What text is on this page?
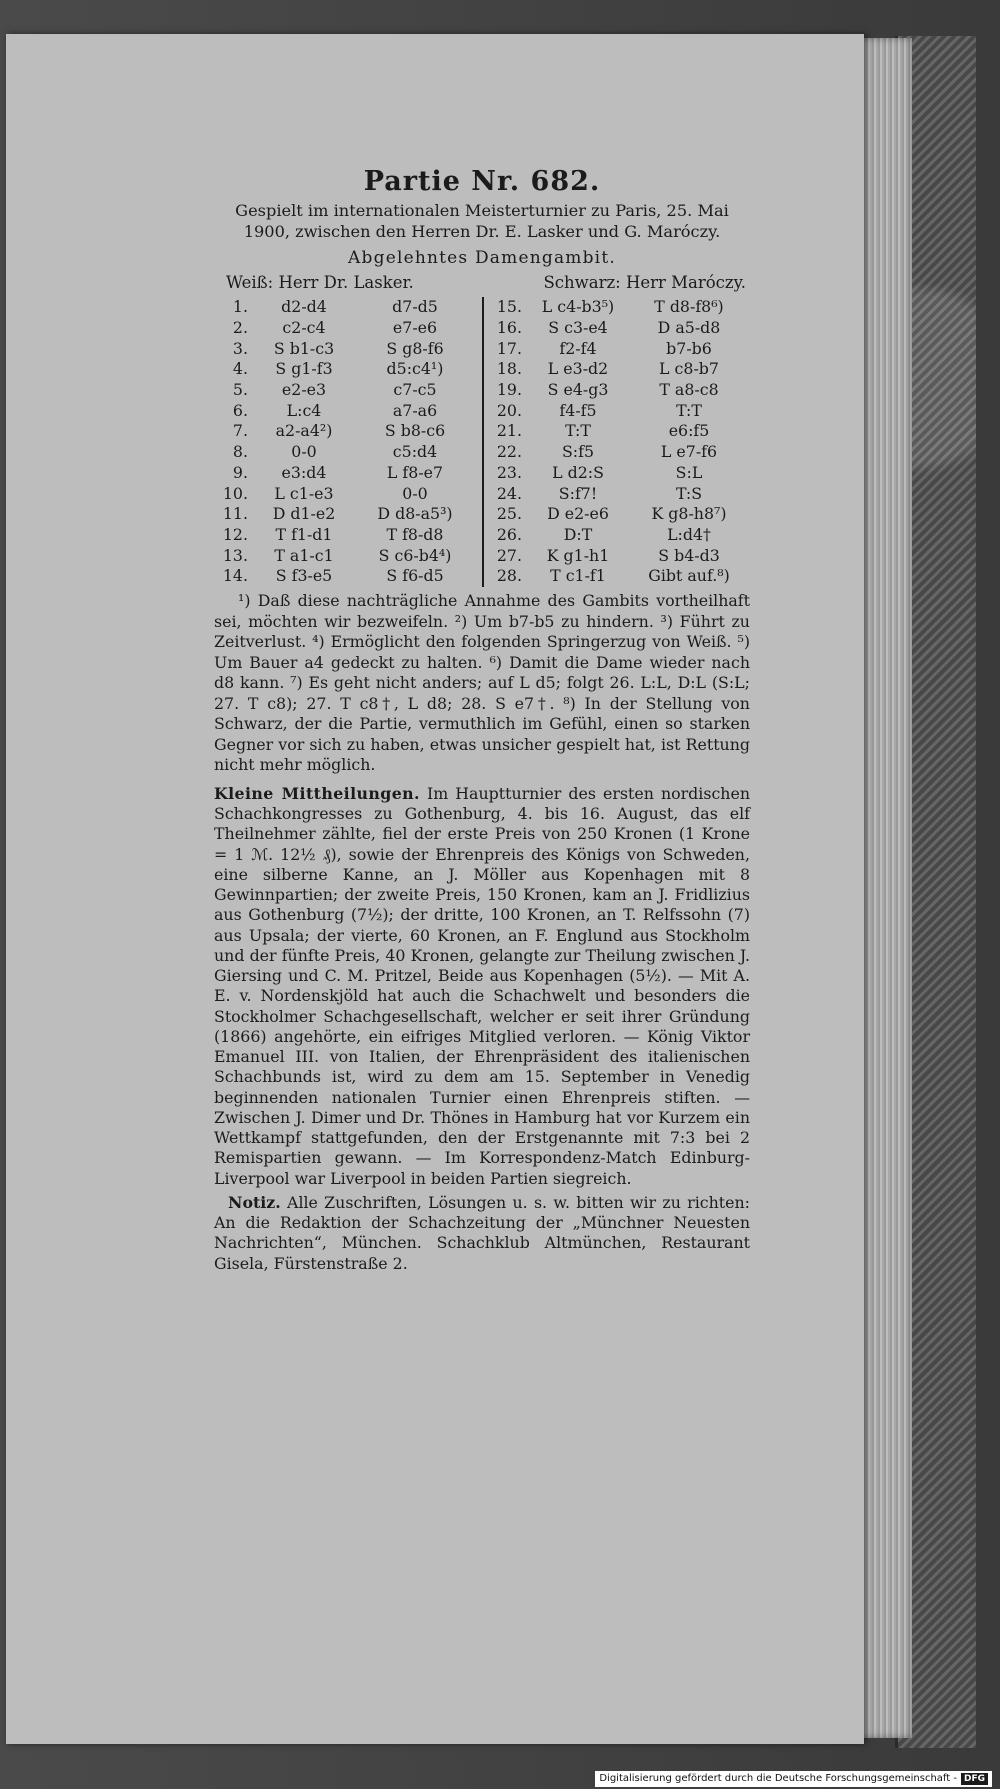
Partie Nr. 682.

Gespielt im internationalen Meisterturnier zu Paris, 25. Mai 1900, zwischen den Herren Dr. E. Lasker und G. Maróczy.

Abgelehntes Damengambit.

Weiß: Herr Dr. Lasker.	Schwarz: Herr Maróczy.
1.	d2-d4	d7-d5
2.	c2-c4	e7-e6
3.	S b1-c3	S g8-f6
4.	S g1-f3	d5:c4¹)
5.	e2-e3	c7-c5
6.	L:c4	a7-a6
7.	a2-a4²)	S b8-c6
8.	0-0	c5:d4
9.	e3:d4	L f8-e7
10.	L c1-e3	0-0
11.	D d1-e2	D d8-a5³)
12.	T f1-d1	T f8-d8
13.	T a1-c1	S c6-b4⁴)
14.	S f3-e5	S f6-d5
15.	L c4-b3⁵)	T d8-f8⁶)
16.	S c3-e4	D a5-d8
17.	f2-f4	b7-b6
18.	L e3-d2	L c8-b7
19.	S e4-g3	T a8-c8
20.	f4-f5	T:T
21.	T:T	e6:f5
22.	S:f5	L e7-f6
23.	L d2:S	S:L
24.	S:f7!	T:S
25.	D e2-e6	K g8-h8⁷)
26.	D:T	L:d4†
27.	K g1-h1	S b4-d3
28.	T c1-f1	Gibt auf.⁸)

¹) Daß diese nachträgliche Annahme des Gambits vortheilhaft sei, möchten wir bezweifeln. ²) Um b7-b5 zu hindern. ³) Führt zu Zeitverlust. ⁴) Ermöglicht den folgenden Springerzug von Weiß. ⁵) Um Bauer a4 gedeckt zu halten. ⁶) Damit die Dame wieder nach d8 kann. ⁷) Es geht nicht anders; auf L d5; folgt 26. L:L, D:L (S:L; 27. T c8); 27. T c8†, L d8; 28. S e7†. ⁸) In der Stellung von Schwarz, der die Partie, vermuthlich im Gefühl, einen so starken Gegner vor sich zu haben, etwas unsicher gespielt hat, ist Rettung nicht mehr möglich.

Kleine Mittheilungen. Im Hauptturnier des ersten nordischen Schachkongresses zu Gothenburg, 4. bis 16. August, das elf Theilnehmer zählte, fiel der erste Preis von 250 Kronen (1 Krone = 1 ℳ. 12½ ₰), sowie der Ehrenpreis des Königs von Schweden, eine silberne Kanne, an J. Möller aus Kopenhagen mit 8 Gewinnpartien; der zweite Preis, 150 Kronen, kam an J. Fridlizius aus Gothenburg (7½); der dritte, 100 Kronen, an T. Relfssohn (7) aus Upsala; der vierte, 60 Kronen, an F. Englund aus Stockholm und der fünfte Preis, 40 Kronen, gelangte zur Theilung zwischen J. Giersing und C. M. Pritzel, Beide aus Kopenhagen (5½). — Mit A. E. v. Nordenskjöld hat auch die Schachwelt und besonders die Stockholmer Schachgesellschaft, welcher er seit ihrer Gründung (1866) angehörte, ein eifriges Mitglied verloren. — König Viktor Emanuel III. von Italien, der Ehrenpräsident des italienischen Schachbunds ist, wird zu dem am 15. September in Venedig beginnenden nationalen Turnier einen Ehrenpreis stiften. — Zwischen J. Dimer und Dr. Thönes in Hamburg hat vor Kurzem ein Wettkampf stattgefunden, den der Erstgenannte mit 7:3 bei 2 Remispartien gewann. — Im Korrespondenz-Match Edinburg-Liverpool war Liverpool in beiden Partien siegreich.

Notiz. Alle Zuschriften, Lösungen u. s. w. bitten wir zu richten: An die Redaktion der Schachzeitung der „Münchner Neuesten Nachrichten“, München. Schachklub Altmünchen, Restaurant Gisela, Fürstenstraße 2.

Digitalisierung gefördert durch die Deutsche Forschungsgemeinschaft - DFG
